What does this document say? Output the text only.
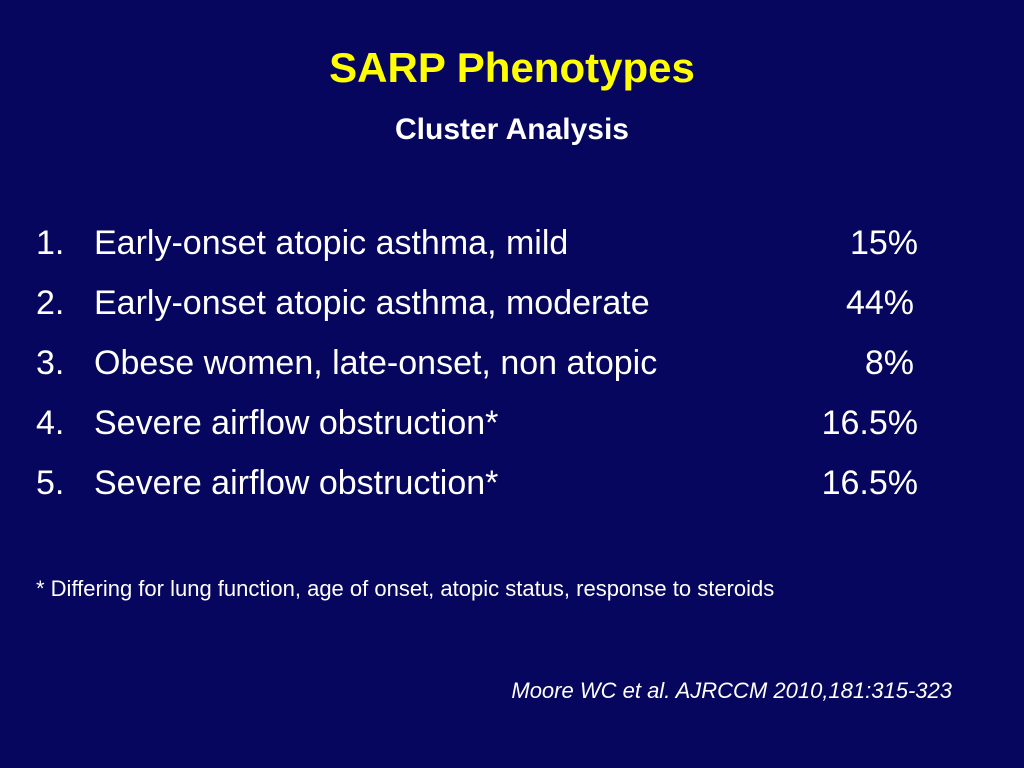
SARP Phenotypes
Cluster Analysis
1. Early-onset atopic asthma, mild	15%
2. Early-onset atopic asthma, moderate	44%
3. Obese women, late-onset, non atopic	8%
4. Severe airflow obstruction*	16.5%
5. Severe airflow obstruction*	16.5%

* Differing for lung function, age of onset, atopic status, response to steroids

Moore WC et al. AJRCCM 2010,181:315-323
